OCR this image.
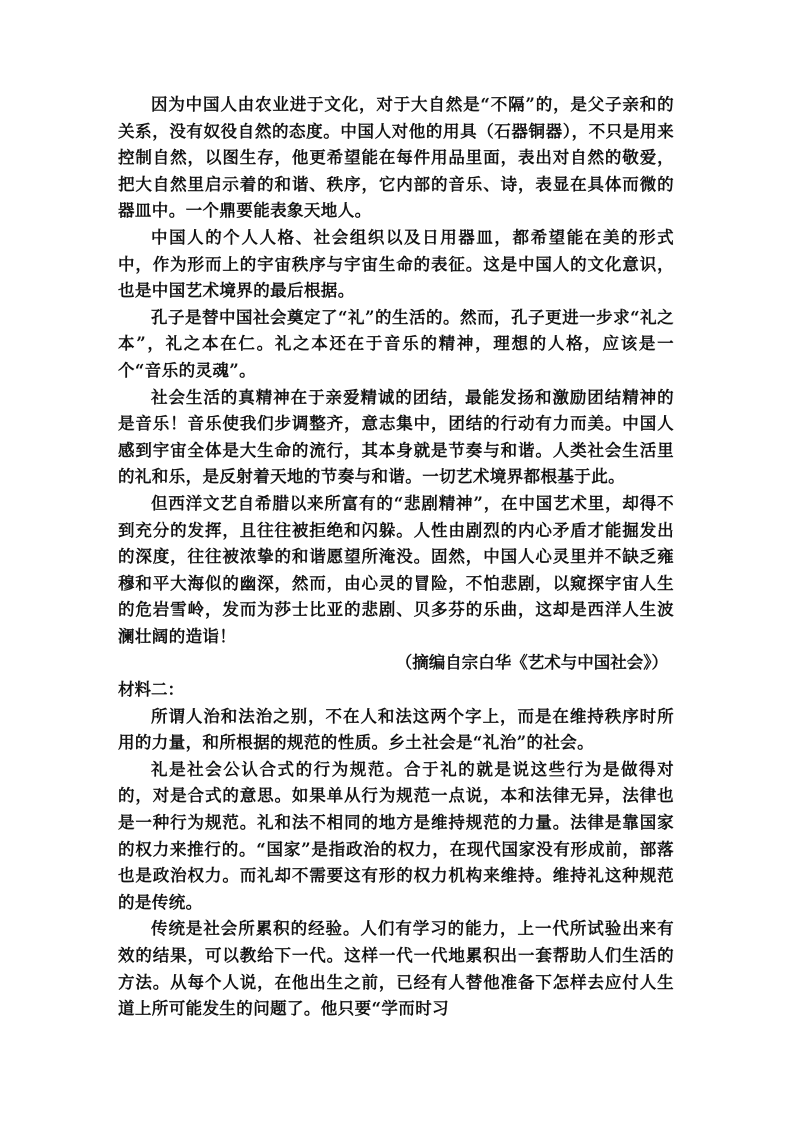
因为中国人由农业进于文化，对于大自然是“不隔”的，是父子亲和的关系，没有奴役自然的态度。中国人对他的用具（石器铜器），不只是用来控制自然，以图生存，他更希望能在每件用品里面，表出对自然的敬爱，把大自然里启示着的和谐、秩序，它内部的音乐、诗，表显在具体而微的器皿中。一个鼎要能表象天地人。

中国人的个人人格、社会组织以及日用器皿，都希望能在美的形式中，作为形而上的宇宙秩序与宇宙生命的表征。这是中国人的文化意识，也是中国艺术境界的最后根据。

孔子是替中国社会奠定了“礼”的生活的。然而，孔子更进一步求“礼之本”，礼之本在仁。礼之本还在于音乐的精神，理想的人格，应该是一个“音乐的灵魂”。

社会生活的真精神在于亲爱精诚的团结，最能发扬和激励团结精神的是音乐！音乐使我们步调整齐，意志集中，团结的行动有力而美。中国人感到宇宙全体是大生命的流行，其本身就是节奏与和谐。人类社会生活里的礼和乐，是反射着天地的节奏与和谐。一切艺术境界都根基于此。

但西洋文艺自希腊以来所富有的“悲剧精神”，在中国艺术里，却得不到充分的发挥，且往往被拒绝和闪躲。人性由剧烈的内心矛盾才能掘发出的深度，往往被浓挚的和谐愿望所淹没。固然，中国人心灵里并不缺乏雍穆和平大海似的幽深，然而，由心灵的冒险，不怕悲剧，以窥探宇宙人生的危岩雪岭，发而为莎士比亚的悲剧、贝多芬的乐曲，这却是西洋人生波澜壮阔的造诣！

（摘编自宗白华《艺术与中国社会》）

材料二：

所谓人治和法治之别，不在人和法这两个字上，而是在维持秩序时所用的力量，和所根据的规范的性质。乡土社会是“礼治”的社会。

礼是社会公认合式的行为规范。合于礼的就是说这些行为是做得对的，对是合式的意思。如果单从行为规范一点说，本和法律无异，法律也是一种行为规范。礼和法不相同的地方是维持规范的力量。法律是靠国家的权力来推行的。“国家”是指政治的权力，在现代国家没有形成前，部落也是政治权力。而礼却不需要这有形的权力机构来维持。维持礼这种规范的是传统。

传统是社会所累积的经验。人们有学习的能力，上一代所试验出来有效的结果，可以教给下一代。这样一代一代地累积出一套帮助人们生活的方法。从每个人说，在他出生之前，已经有人替他准备下怎样去应付人生道上所可能发生的问题了。他只要“学而时习
